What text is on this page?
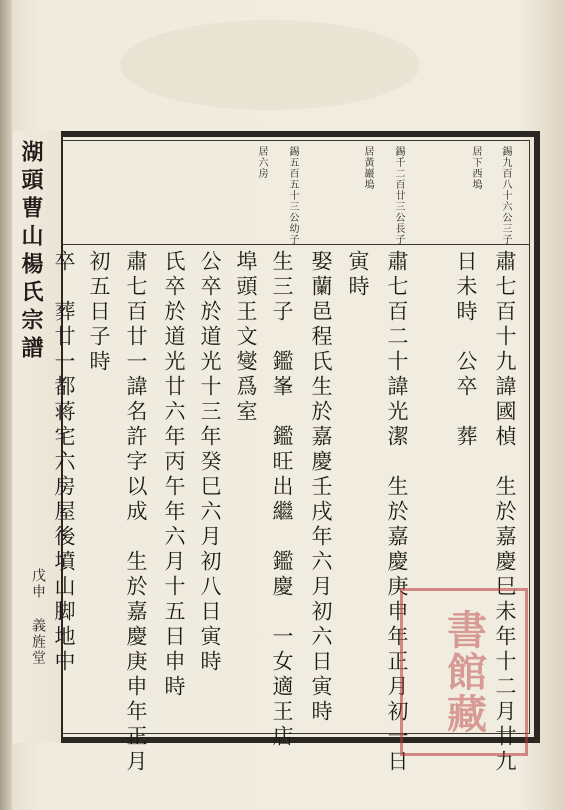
湖頭曹山楊氏宗譜
戊申 義旌堂
錫九百八十六公三子
居下西塢
錫千二百廿三公長子
居黃巖塢
錫五百五十三公幼子
居六房
肅七百十九諱國楨　生於嘉慶巳未年十二月廿九
日未時　公卒　葬
肅七百二十諱光潔　生於嘉慶庚申年正月初一日
寅時
娶蘭邑程氏生於嘉慶壬戌年六月初六日寅時
生三子　鑑峯　鑑旺出繼　鑑慶　一女適王店
埠頭王文燮爲室
公卒於道光十三年癸巳六月初八日寅時
氏卒於道光廿六年丙午年六月十五日申時
肅七百廿一諱名許字以成　生於嘉慶庚申年正月
初五日子時
卒　葬廿一都蒋宅六房屋後墳山脚地中	書館藏
